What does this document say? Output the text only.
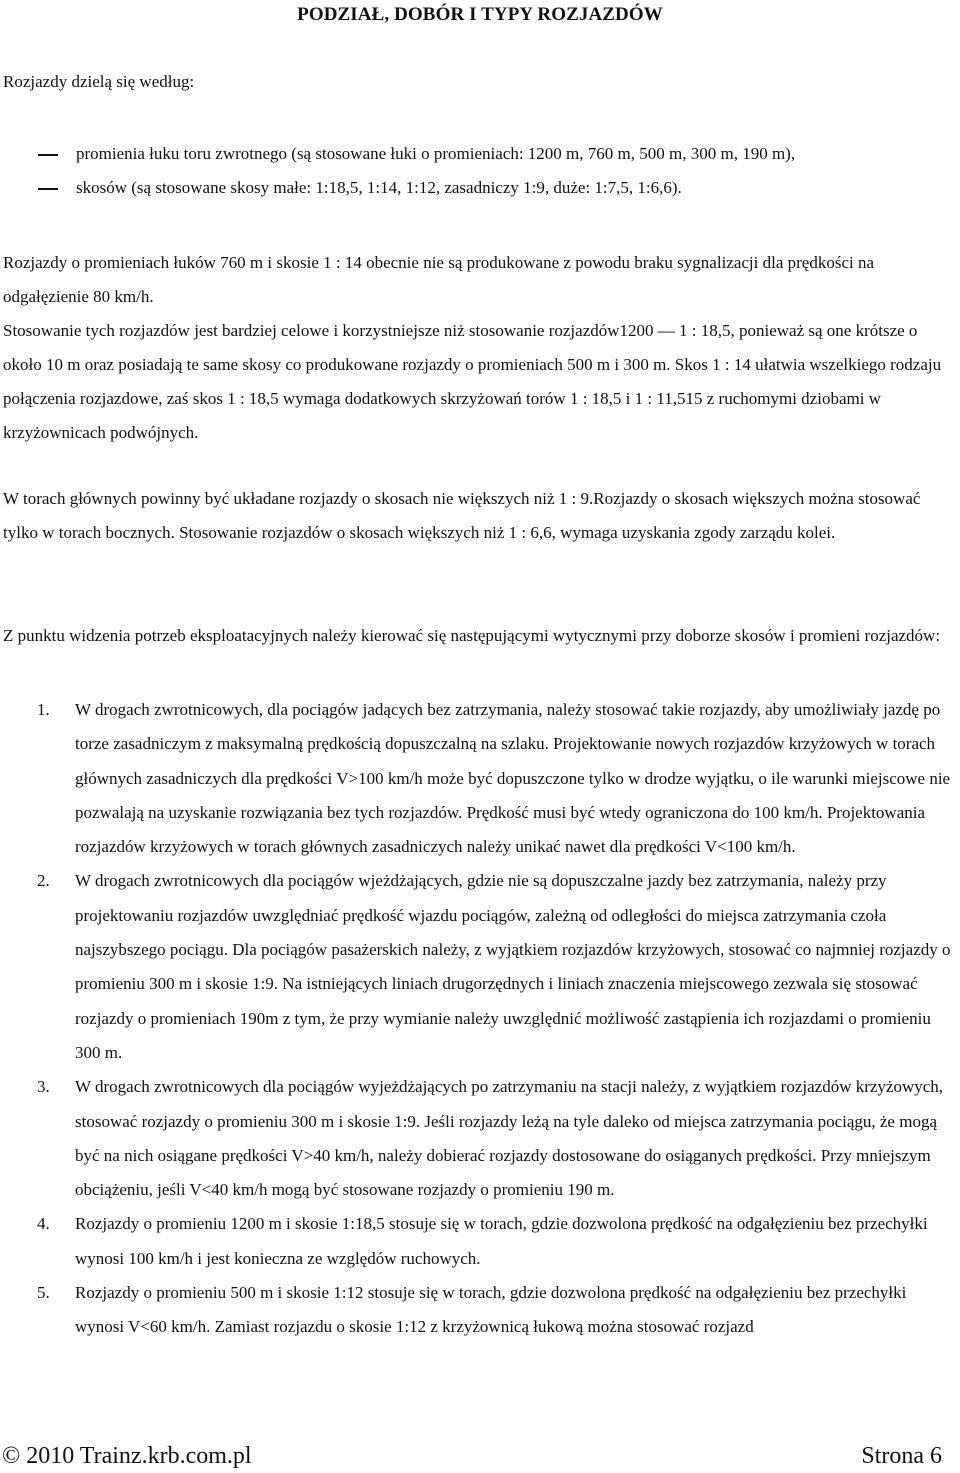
PODZIAŁ, DOBÓR I TYPY ROZJAZDÓW

Rozjazdy dzielą się według:

promienia łuku toru zwrotnego (są stosowane łuki o promieniach: 1200 m, 760 m, 500 m, 300 m, 190 m),
skosów (są stosowane skosy małe: 1:18,5, 1:14, 1:12, zasadniczy 1:9, duże: 1:7,5, 1:6,6).

Rozjazdy o promieniach łuków 760 m i skosie 1 : 14 obecnie nie są produkowane z powodu braku sygnalizacji dla prędkości na odgałęzienie 80 km/h.

Stosowanie tych rozjazdów jest bardziej celowe i korzystniejsze niż stosowanie rozjazdów1200 — 1 : 18,5, ponieważ są one krótsze o około 10 m oraz posiadają te same skosy co produkowane rozjazdy o promieniach 500 m i 300 m. Skos 1 : 14 ułatwia wszelkiego rodzaju połączenia rozjazdowe, zaś skos 1 : 18,5 wymaga dodatkowych skrzyżowań torów 1 : 18,5 i 1 : 11,515 z ruchomymi dziobami w krzyżownicach podwójnych.

W torach głównych powinny być układane rozjazdy o skosach nie większych niż 1 : 9.Rozjazdy o skosach większych można stosować tylko w torach bocznych. Stosowanie rozjazdów o skosach większych niż 1 : 6,6, wymaga uzyskania zgody zarządu kolei.

Z punktu widzenia potrzeb eksploatacyjnych należy kierować się następującymi wytycznymi przy doborze skosów i promieni rozjazdów:

1. W drogach zwrotnicowych, dla pociągów jadących bez zatrzymania, należy stosować takie rozjazdy, aby umożliwiały jazdę po torze zasadniczym z maksymalną prędkością dopuszczalną na szlaku. Projektowanie nowych rozjazdów krzyżowych w torach głównych zasadniczych dla prędkości V>100 km/h może być dopuszczone tylko w drodze wyjątku, o ile warunki miejscowe nie pozwalają na uzyskanie rozwiązania bez tych rozjazdów. Prędkość musi być wtedy ograniczona do 100 km/h. Projektowania rozjazdów krzyżowych w torach głównych zasadniczych należy unikać nawet dla prędkości V<100 km/h.
2. W drogach zwrotnicowych dla pociągów wjeżdżających, gdzie nie są dopuszczalne jazdy bez zatrzymania, należy przy projektowaniu rozjazdów uwzględniać prędkość wjazdu pociągów, zależną od odległości do miejsca zatrzymania czoła najszybszego pociągu. Dla pociągów pasażerskich należy, z wyjątkiem rozjazdów krzyżowych, stosować co najmniej rozjazdy o promieniu 300 m i skosie 1:9. Na istniejących liniach drugorzędnych i liniach znaczenia miejscowego zezwala się stosować rozjazdy o promieniach 190m z tym, że przy wymianie należy uwzględnić możliwość zastąpienia ich rozjazdami o promieniu 300 m.
3. W drogach zwrotnicowych dla pociągów wyjeżdżających po zatrzymaniu na stacji należy, z wyjątkiem rozjazdów krzyżowych, stosować rozjazdy o promieniu 300 m i skosie 1:9. Jeśli rozjazdy leżą na tyle daleko od miejsca zatrzymania pociągu, że mogą być na nich osiągane prędkości V>40 km/h, należy dobierać rozjazdy dostosowane do osiąganych prędkości. Przy mniejszym obciążeniu, jeśli V<40 km/h mogą być stosowane rozjazdy o promieniu 190 m.
4. Rozjazdy o promieniu 1200 m i skosie 1:18,5 stosuje się w torach, gdzie dozwolona prędkość na odgałęzieniu bez przechyłki wynosi 100 km/h i jest konieczna ze względów ruchowych.
5. Rozjazdy o promieniu 500 m i skosie 1:12 stosuje się w torach, gdzie dozwolona prędkość na odgałęzieniu bez przechyłki wynosi V<60 km/h. Zamiast rozjazdu o skosie 1:12 z krzyżownicą łukową można stosować rozjazd
© 2010 Trainz.krb.com.pl	Strona 6
